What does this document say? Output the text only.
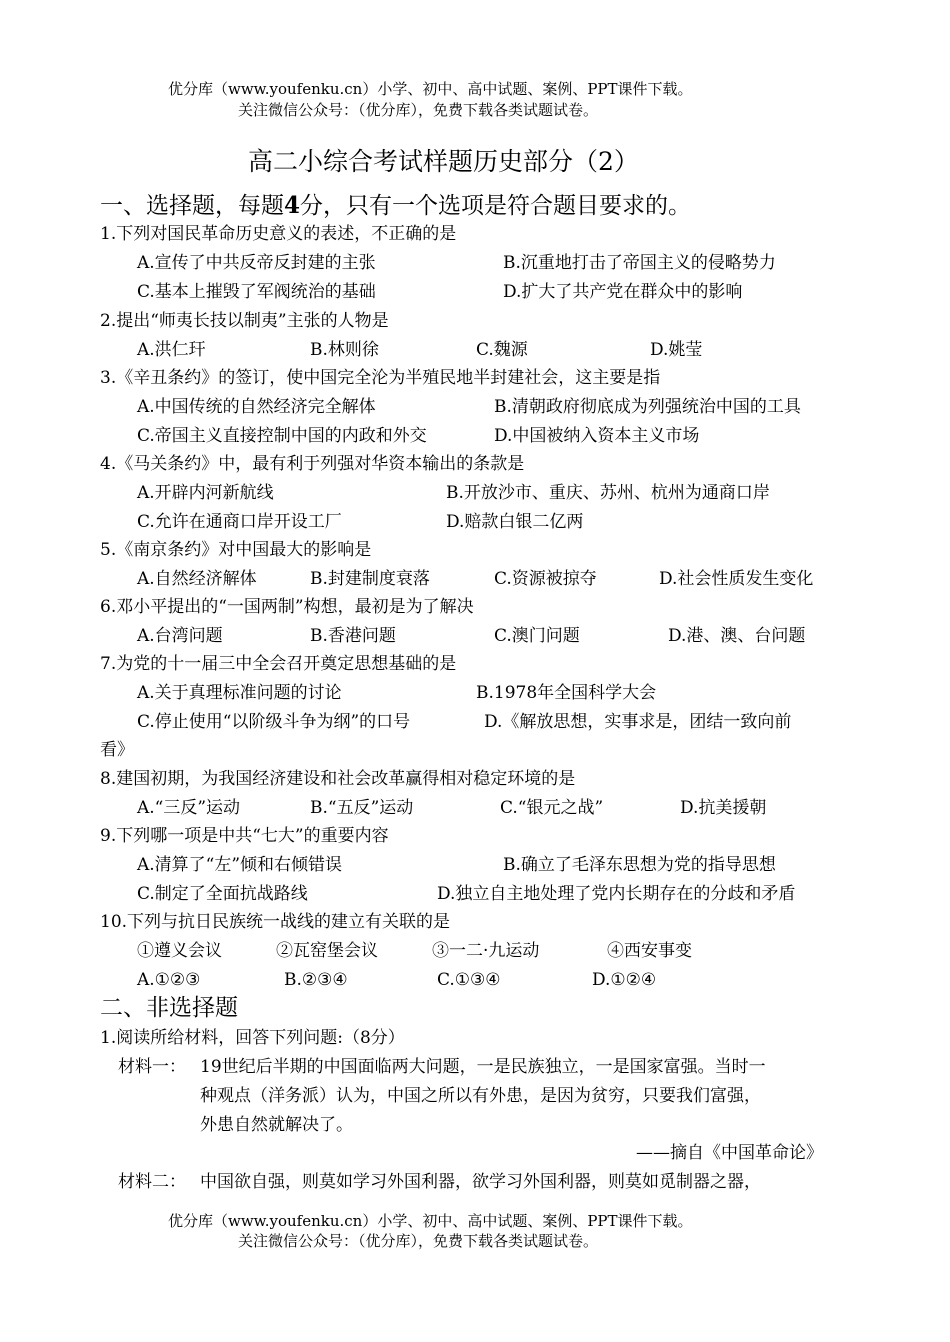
优分库（www.youfenku.cn）小学、初中、高中试题、案例、PPT课件下载。
关注微信公众号：（优分库），免费下载各类试题试卷。
高二小综合考试样题历史部分（2）
一、选择题，每题4分，只有一个选项是符合题目要求的。
1.下列对国民革命历史意义的表述，不正确的是
A.宣传了中共反帝反封建的主张	B.沉重地打击了帝国主义的侵略势力
C.基本上摧毁了军阀统治的基础	D.扩大了共产党在群众中的影响
2.提出“师夷长技以制夷”主张的人物是
A.洪仁玕	B.林则徐	C.魏源	D.姚莹
3.《辛丑条约》的签订，使中国完全沦为半殖民地半封建社会，这主要是指
A.中国传统的自然经济完全解体	B.清朝政府彻底成为列强统治中国的工具
C.帝国主义直接控制中国的内政和外交	D.中国被纳入资本主义市场
4.《马关条约》中，最有利于列强对华资本输出的条款是
A.开辟内河新航线	B.开放沙市、重庆、苏州、杭州为通商口岸
C.允许在通商口岸开设工厂	D.赔款白银二亿两
5.《南京条约》对中国最大的影响是
A.自然经济解体	B.封建制度衰落	C.资源被掠夺	D.社会性质发生变化
6.邓小平提出的“一国两制”构想，最初是为了解决
A.台湾问题	B.香港问题	C.澳门问题	D.港、澳、台问题
7.为党的十一届三中全会召开奠定思想基础的是
A.关于真理标准问题的讨论	B.1978年全国科学大会
C.停止使用“以阶级斗争为纲”的口号	D.《解放思想，实事求是，团结一致向前
看》
8.建国初期，为我国经济建设和社会改革赢得相对稳定环境的是
A.“三反”运动	B.“五反”运动	C.“银元之战”	D.抗美援朝
9.下列哪一项是中共“七大”的重要内容
A.清算了“左”倾和右倾错误	B.确立了毛泽东思想为党的指导思想
C.制定了全面抗战路线	D.独立自主地处理了党内长期存在的分歧和矛盾
10.下列与抗日民族统一战线的建立有关联的是
①遵义会议	②瓦窑堡会议	③一二·九运动	④西安事变
A.①②③	B.②③④	C.①③④	D.①②④
二、非选择题
1.阅读所给材料，回答下列问题:（8分）
材料一： 19世纪后半期的中国面临两大问题，一是民族独立，一是国家富强。当时一
种观点（洋务派）认为，中国之所以有外患，是因为贫穷，只要我们富强，
外患自然就解决了。
——摘自《中国革命论》
材料二： 中国欲自强，则莫如学习外国利器，欲学习外国利器，则莫如觅制器之器，
优分库（www.youfenku.cn）小学、初中、高中试题、案例、PPT课件下载。
关注微信公众号：（优分库），免费下载各类试题试卷。
